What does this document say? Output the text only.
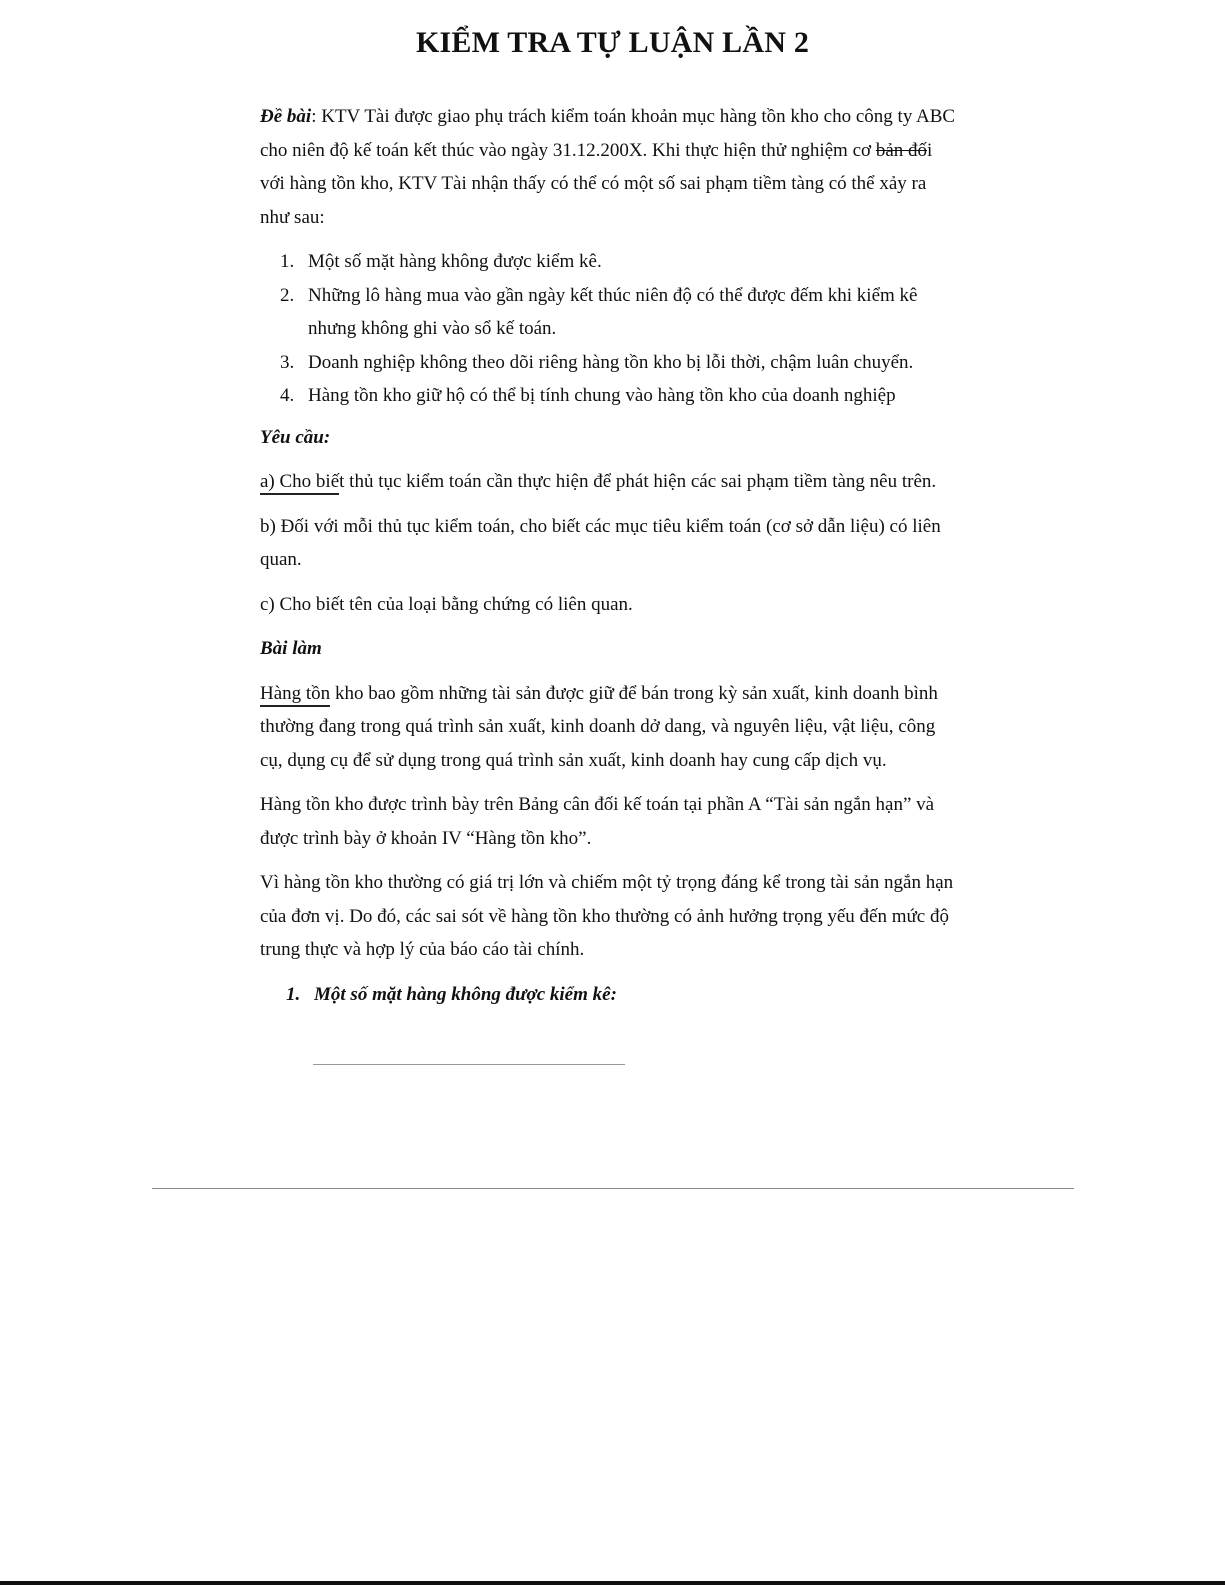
KIỂM TRA TỰ LUẬN LẦN 2

Đề bài: KTV Tài được giao phụ trách kiểm toán khoản mục hàng tồn kho cho công ty ABC cho niên độ kế toán kết thúc vào ngày 31.12.200X. Khi thực hiện thử nghiệm cơ bản đối với hàng tồn kho, KTV Tài nhận thấy có thể có một số sai phạm tiềm tàng có thể xảy ra như sau:

1. Một số mặt hàng không được kiểm kê.
2. Những lô hàng mua vào gần ngày kết thúc niên độ có thể được đếm khi kiểm kê nhưng không ghi vào sổ kế toán.
3. Doanh nghiệp không theo dõi riêng hàng tồn kho bị lỗi thời, chậm luân chuyển.
4. Hàng tồn kho giữ hộ có thể bị tính chung vào hàng tồn kho của doanh nghiệp

Yêu cầu:

a) Cho biết thủ tục kiểm toán cần thực hiện để phát hiện các sai phạm tiềm tàng nêu trên.

b) Đối với mỗi thủ tục kiểm toán, cho biết các mục tiêu kiểm toán (cơ sở dẫn liệu) có liên quan.

c) Cho biết tên của loại bằng chứng có liên quan.

Bài làm

Hàng tồn kho bao gồm những tài sản được giữ để bán trong kỳ sản xuất, kinh doanh bình thường đang trong quá trình sản xuất, kinh doanh dở dang, và nguyên liệu, vật liệu, công cụ, dụng cụ để sử dụng trong quá trình sản xuất, kinh doanh hay cung cấp dịch vụ.

Hàng tồn kho được trình bày trên Bảng cân đối kế toán tại phần A “Tài sản ngắn hạn” và được trình bày ở khoản IV “Hàng tồn kho”.

Vì hàng tồn kho thường có giá trị lớn và chiếm một tỷ trọng đáng kể trong tài sản ngắn hạn của đơn vị. Do đó, các sai sót về hàng tồn kho thường có ảnh hưởng trọng yếu đến mức độ trung thực và hợp lý của báo cáo tài chính.

1. Một số mặt hàng không được kiểm kê:
